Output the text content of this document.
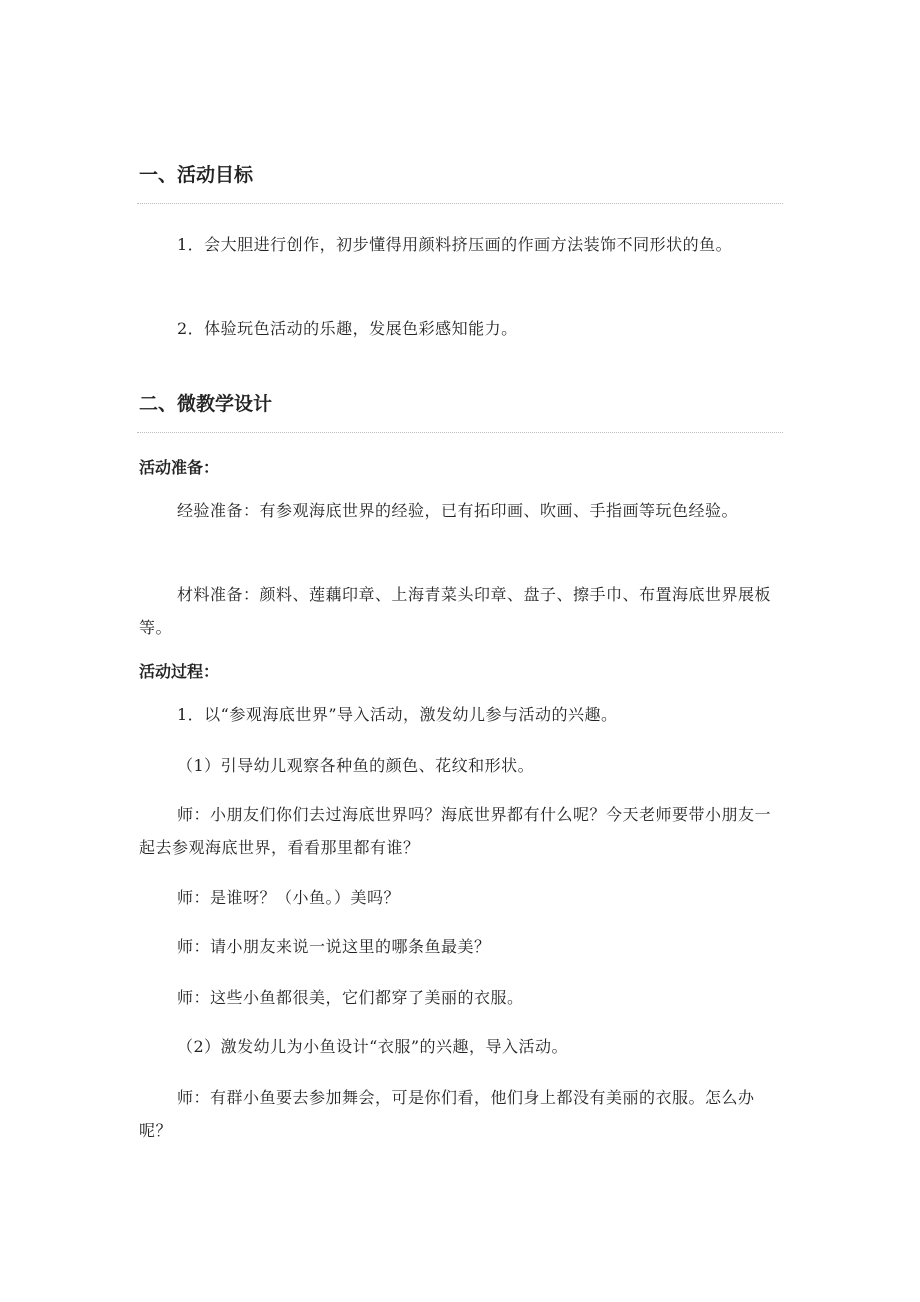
一、活动目标

1．会大胆进行创作，初步懂得用颜料挤压画的作画方法装饰不同形状的鱼。

2．体验玩色活动的乐趣，发展色彩感知能力。

二、微教学设计
活动准备：

经验准备：有参观海底世界的经验，已有拓印画、吹画、手指画等玩色经验。

材料准备：颜料、莲藕印章、上海青菜头印章、盘子、擦手巾、布置海底世界展板等。

活动过程：

1．以“参观海底世界”导入活动，激发幼儿参与活动的兴趣。

（1）引导幼儿观察各种鱼的颜色、花纹和形状。

师：小朋友们你们去过海底世界吗？海底世界都有什么呢？今天老师要带小朋友一起去参观海底世界，看看那里都有谁？

师：是谁呀？（小鱼。）美吗？

师：请小朋友来说一说这里的哪条鱼最美？

师：这些小鱼都很美，它们都穿了美丽的衣服。

（2）激发幼儿为小鱼设计“衣服”的兴趣，导入活动。

师：有群小鱼要去参加舞会，可是你们看，他们身上都没有美丽的衣服。怎么办呢？
